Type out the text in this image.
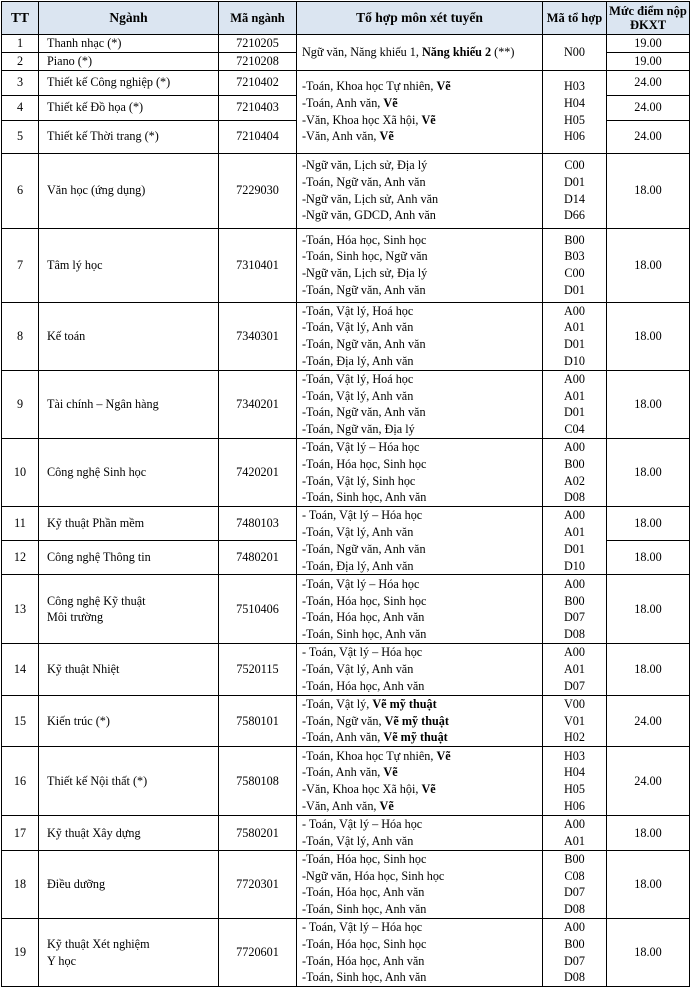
TT	Ngành	Mã ngành	Tổ hợp môn xét tuyển	Mã tổ hợp	Mức điểm nộp ĐKXT
1	Thanh nhạc (*)	7210205	Ngữ văn, Năng khiếu 1, Năng khiếu 2 (**)	N00	19.00
2	Piano (*)	7210208			19.00
3	Thiết kế Công nghiệp (*)	7210402	-Toán, Khoa học Tự nhiên, Vẽ
-Toán, Anh văn, Vẽ
-Văn, Khoa học Xã hội, Vẽ
-Văn, Anh văn, Vẽ	H03
H04
H05
H06	24.00
4	Thiết kế Đồ họa (*)	7210403			24.00
5	Thiết kế Thời trang (*)	7210404			24.00
6	Văn học (ứng dụng)	7229030	-Ngữ văn, Lịch sử, Địa lý
-Toán, Ngữ văn, Anh văn
-Ngữ văn, Lịch sử, Anh văn
-Ngữ văn, GDCD, Anh văn	C00
D01
D14
D66	18.00
7	Tâm lý học	7310401	-Toán, Hóa học, Sinh học
-Toán, Sinh học, Ngữ văn
-Ngữ văn, Lịch sử, Địa lý
-Toán, Ngữ văn, Anh văn	B00
B03
C00
D01	18.00
8	Kế toán	7340301	-Toán, Vật lý, Hoá học
-Toán, Vật lý, Anh văn
-Toán, Ngữ văn, Anh văn
-Toán, Địa lý, Anh văn	A00
A01
D01
D10	18.00
9	Tài chính – Ngân hàng	7340201	-Toán, Vật lý, Hoá học
-Toán, Vật lý, Anh văn
-Toán, Ngữ văn, Anh văn
-Toán, Ngữ văn, Địa lý	A00
A01
D01
C04	18.00
10	Công nghệ Sinh học	7420201	-Toán, Vật lý – Hóa học
-Toán, Hóa học, Sinh học
-Toán, Vật lý, Sinh học
-Toán, Sinh học, Anh văn	A00
B00
A02
D08	18.00
11	Kỹ thuật Phần mềm	7480103	- Toán, Vật lý – Hóa học
-Toán, Vật lý, Anh văn
-Toán, Ngữ văn, Anh văn
-Toán, Địa lý, Anh văn	A00
A01
D01
D10	18.00
12	Công nghệ Thông tin	7480201			18.00
13	Công nghệ Kỹ thuật
Môi trường	7510406	-Toán, Vật lý – Hóa học
-Toán, Hóa học, Sinh học
-Toán, Hóa học, Anh văn
-Toán, Sinh học, Anh văn	A00
B00
D07
D08	18.00
14	Kỹ thuật Nhiệt	7520115	- Toán, Vật lý – Hóa học
-Toán, Vật lý, Anh văn
-Toán, Hóa học, Anh văn	A00
A01
D07	18.00
15	Kiến trúc (*)	7580101	-Toán, Vật lý, Vẽ mỹ thuật
-Toán, Ngữ văn, Vẽ mỹ thuật
-Toán, Anh văn, Vẽ mỹ thuật	V00
V01
H02	24.00
16	Thiết kế Nội thất (*)	7580108	-Toán, Khoa học Tự nhiên, Vẽ
-Toán, Anh văn, Vẽ
-Văn, Khoa học Xã hội, Vẽ
-Văn, Anh văn, Vẽ	H03
H04
H05
H06	24.00
17	Kỹ thuật Xây dựng	7580201	- Toán, Vật lý – Hóa học
-Toán, Vật lý, Anh văn	A00
A01	18.00
18	Điều dưỡng	7720301	-Toán, Hóa học, Sinh học
-Ngữ văn, Hóa học, Sinh học
-Toán, Hóa học, Anh văn
-Toán, Sinh học, Anh văn	B00
C08
D07
D08	18.00
19	Kỹ thuật Xét nghiệm
Y học	7720601	- Toán, Vật lý – Hóa học
-Toán, Hóa học, Sinh học
-Toán, Hóa học, Anh văn
-Toán, Sinh học, Anh văn	A00
B00
D07
D08	18.00
